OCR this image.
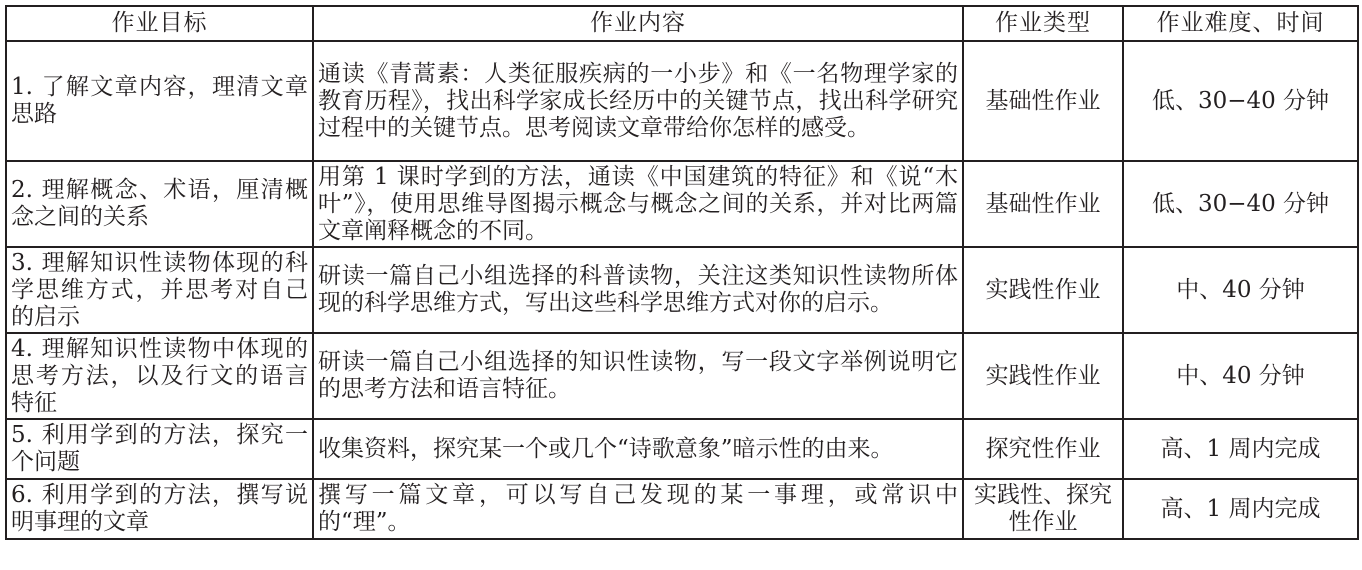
作业目标	作业内容	作业类型	作业难度、时间
1. 了解文章内容，理清文章思路	通读《青蒿素：人类征服疾病的一小步》和《一名物理学家的教育历程》，找出科学家成长经历中的关键节点，找出科学研究过程中的关键节点。思考阅读文章带给你怎样的感受。	基础性作业	低、30−40 分钟
2. 理解概念、术语，厘清概念之间的关系	用第 1 课时学到的方法，通读《中国建筑的特征》和《说“木叶”》，使用思维导图揭示概念与概念之间的关系，并对比两篇文章阐释概念的不同。	基础性作业	低、30−40 分钟
3. 理解知识性读物体现的科学思维方式，并思考对自己的启示	研读一篇自己小组选择的科普读物，关注这类知识性读物所体现的科学思维方式，写出这些科学思维方式对你的启示。	实践性作业	中、40 分钟
4. 理解知识性读物中体现的思考方法，以及行文的语言特征	研读一篇自己小组选择的知识性读物，写一段文字举例说明它的思考方法和语言特征。	实践性作业	中、40 分钟
5. 利用学到的方法，探究一个问题	收集资料，探究某一个或几个“诗歌意象”暗示性的由来。	探究性作业	高、1 周内完成
6. 利用学到的方法，撰写说明事理的文章	撰写一篇文章，可以写自己发现的某一事理，或常识中的“理”。	实践性、探究性作业	高、1 周内完成
